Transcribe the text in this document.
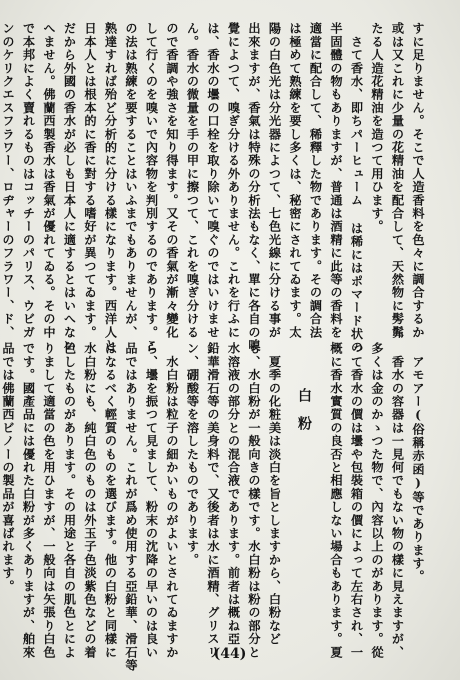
すに足りません。そこで人造香料を色々に調合するか

或は又これに少量の花精油を配合して、天然物に髣髴

たる人造花精油を造つて用ひます。

　さて香水、即ちパーヒューム は稀にはポマード状の

半固體の物もありますが、普通は酒精に此等の香料を

適當に配合して、稀釋した物であります。その調合法

は極めて熟練を要し多くは、秘密にされてゐます。太

陽の白色光は分光器によつて、七色光線に分ける事が

出來ますが、香氣は特殊の分析法もなく、單に各自の嗅

覺によつて、嗅ぎ分ける外ありません。これを行ふに

は、香水の壜の口栓を取り除いて嗅ぐのではいけませ

ん。香水の微量を手の甲に擦つて、これを嗅ぎ分ける

ので香調や強さを知り得ます。又その香氣が漸々變化

して行くのを嗅いで內容物を判別するのであります。こ

の法は熟練を要することはいふまでもありませんが、

熟達すれば殆ど分析的に分ける樣になります。西洋人と

日本人とは根本的に香に對する嗜好が異つてゐます。

だから外國の香水が必しも日本人に適するとはいへない

へません。佛蘭西製香水は香氣が優れてゐる。その中

で本邦によく賣れるものはコッチーのパリス、ウビガ

ンのケリクエスフラワー、ロヂャーのフラワー、ド、

白粉	　アモアー(俗稱赤函)等であります。

　香水の容器は一見何でもない物の樣に見えますが、

多くは金のかゝつた物で、內容以上のがあります。從

って香水の價は壜や包裝箱の價によって左右され、一

概に香水實質の良否と相應しない場合もあります。夏

　夏季の化粧美は淡白を旨としますから、白粉など

も、水白粉が一般向きの樣です。水白粉は粉の部分と

水溶液の部分との混合液であります。前者は概ね亞

鉛華滑石等の美身料で、又後者は水に酒精、グリスリ

ン、硼酸等を溶したものであります。

　水白粉は粒子の細かいものがよいとされてゐますか

ら、壜を振つて見まして、粉末の沈降の早いのは良い

品ではありません。これが爲め使用する亞鉛華、滑石等

はなるべく輕質のものを選びます。他の白粉と同樣に

水白粉にも、純白色のものは外玉子色淡紫色などの着

色したものがあります。その用途と各自の肌色とによ

りまして適當の色を用ひますが、一般向は矢張り白色

です。國產品には優れた白粉が多くありますが、舶來

品では佛蘭西ビノーの製品が喜ばれます。

(44)
